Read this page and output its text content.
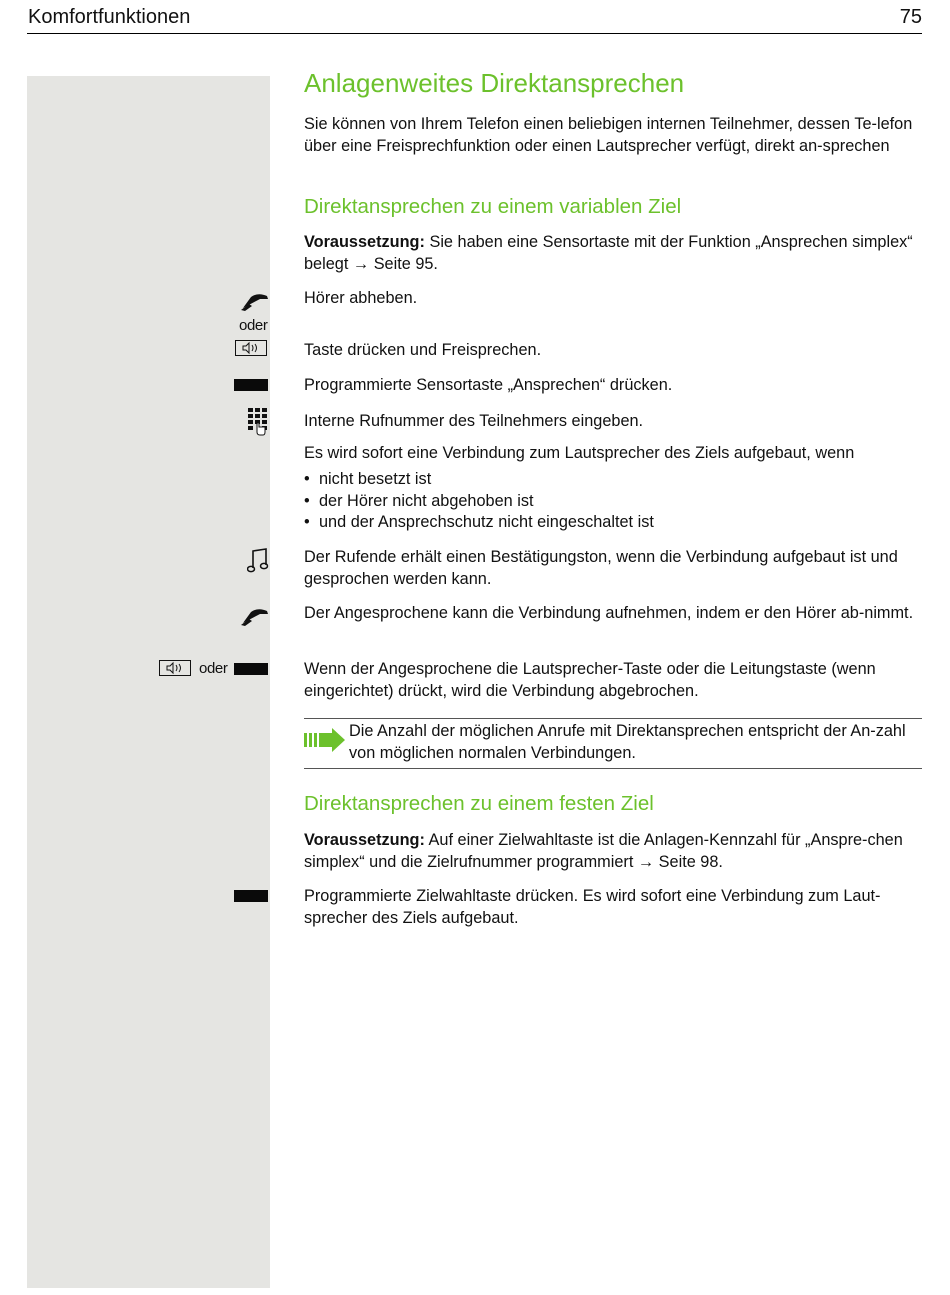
Komfortfunktionen	75
Anlagenweites Direktansprechen
Sie können von Ihrem Telefon einen beliebigen internen Teilnehmer, dessen Te-lefon über eine Freisprechfunktion oder einen Lautsprecher verfügt, direkt an-sprechen
Direktansprechen zu einem variablen Ziel
Voraussetzung: Sie haben eine Sensortaste mit der Funktion „Ansprechen simplex“ belegt → Seite 95.
Hörer abheben.
oder
Taste drücken und Freisprechen.
Programmierte Sensortaste „Ansprechen“ drücken.
Interne Rufnummer des Teilnehmers eingeben.
Es wird sofort eine Verbindung zum Lautsprecher des Ziels aufgebaut, wenn
• nicht besetzt ist
• der Hörer nicht abgehoben ist
• und der Ansprechschutz nicht eingeschaltet ist
Der Rufende erhält einen Bestätigungston, wenn die Verbindung aufgebaut ist und gesprochen werden kann.
Der Angesprochene kann die Verbindung aufnehmen, indem er den Hörer ab-nimmt.
oder	Wenn der Angesprochene die Lautsprecher-Taste oder die Leitungstaste (wenn eingerichtet) drückt, wird die Verbindung abgebrochen.
Die Anzahl der möglichen Anrufe mit Direktansprechen entspricht der An-zahl von möglichen normalen Verbindungen.
Direktansprechen zu einem festen Ziel
Voraussetzung: Auf einer Zielwahltaste ist die Anlagen-Kennzahl für „Anspre-chen simplex“ und die Zielrufnummer programmiert → Seite 98.
Programmierte Zielwahltaste drücken. Es wird sofort eine Verbindung zum Laut-sprecher des Ziels aufgebaut.
